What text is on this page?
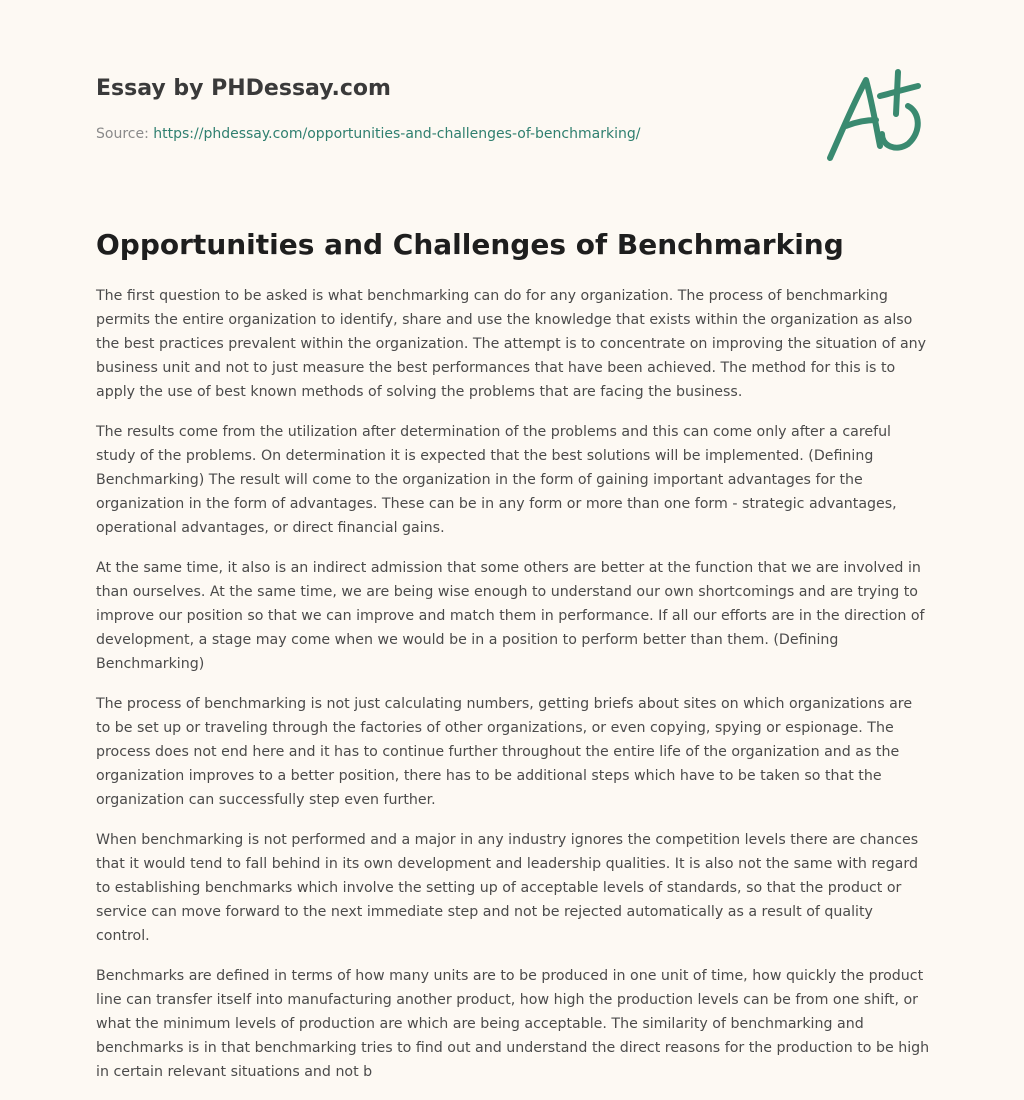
Essay by PHDessay.com
Source: https://phdessay.com/opportunities-and-challenges-of-benchmarking/
Opportunities and Challenges of Benchmarking

The first question to be asked is what benchmarking can do for any organization. The process of benchmarking permits the entire organization to identify, share and use the knowledge that exists within the organization as also the best practices prevalent within the organization. The attempt is to concentrate on improving the situation of any business unit and not to just measure the best performances that have been achieved. The method for this is to apply the use of best known methods of solving the problems that are facing the business.

The results come from the utilization after determination of the problems and this can come only after a careful study of the problems. On determination it is expected that the best solutions will be implemented. (Defining Benchmarking) The result will come to the organization in the form of gaining important advantages for the organization in the form of advantages. These can be in any form or more than one form - strategic advantages, operational advantages, or direct financial gains.

At the same time, it also is an indirect admission that some others are better at the function that we are involved in than ourselves. At the same time, we are being wise enough to understand our own shortcomings and are trying to improve our position so that we can improve and match them in performance. If all our efforts are in the direction of development, a stage may come when we would be in a position to perform better than them. (Defining Benchmarking)

The process of benchmarking is not just calculating numbers, getting briefs about sites on which organizations are to be set up or traveling through the factories of other organizations, or even copying, spying or espionage. The process does not end here and it has to continue further throughout the entire life of the organization and as the organization improves to a better position, there has to be additional steps which have to be taken so that the organization can successfully step even further.

When benchmarking is not performed and a major in any industry ignores the competition levels there are chances that it would tend to fall behind in its own development and leadership qualities. It is also not the same with regard to establishing benchmarks which involve the setting up of acceptable levels of standards, so that the product or service can move forward to the next immediate step and not be rejected automatically as a result of quality control.

Benchmarks are defined in terms of how many units are to be produced in one unit of time, how quickly the product line can transfer itself into manufacturing another product, how high the production levels can be from one shift, or what the minimum levels of production are which are being acceptable. The similarity of benchmarking and benchmarks is in that benchmarking tries to find out and understand the direct reasons for the production to be high in certain relevant situations and not b
